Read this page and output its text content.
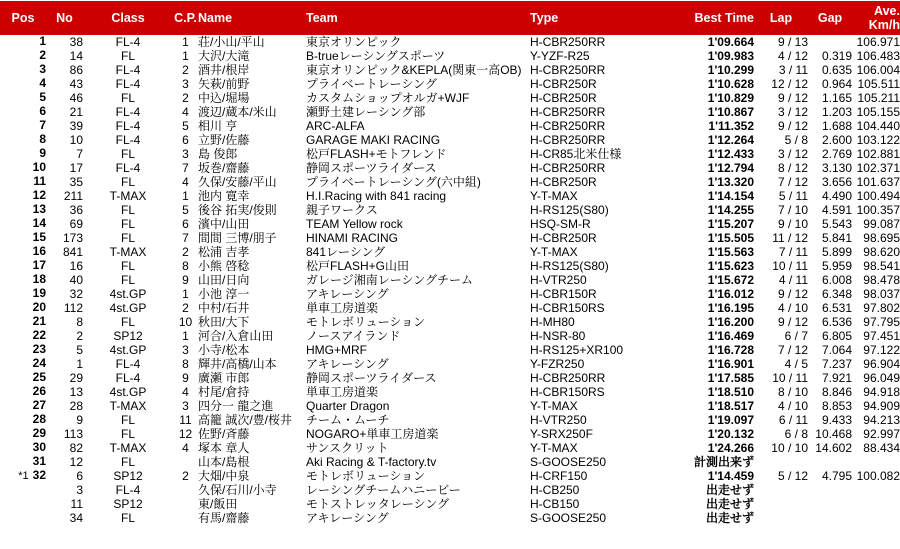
Pos	No	Class	C.P.	Name	Team	Type	Best Time	Lap	Gap	Ave.
Km/h
1	38	FL-4	1	荘/小山/平山	東京オリンピック	H-CBR250RR	1'09.664	9 / 13		106.971
2	14	FL	1	大沢/大滝	B-trueレーシングスポーツ	Y-YZF-R25	1'09.983	4 / 12	0.319	106.483
3	86	FL-4	2	酒井/根岸	東京オリンピック&KEPLA(関東一高OB)	H-CBR250RR	1'10.299	3 / 11	0.635	106.004
4	43	FL-4	3	矢萩/前野	プライベートレーシング	H-CBR250R	1'10.628	12 / 12	0.964	105.511
5	46	FL	2	中込/堀場	カスタムショップオルガ+WJF	H-CBR250R	1'10.829	9 / 12	1.165	105.211
6	21	FL-4	4	渡辺/蔵本/米山	瀬野土建レーシング部	H-CBR250RR	1'10.867	3 / 12	1.203	105.155
7	39	FL-4	5	相川 亨	ARC-ALFA	H-CBR250RR	1'11.352	9 / 12	1.688	104.440
8	10	FL-4	6	立野/佐藤	GARAGE MAKI RACING	H-CBR250RR	1'12.264	5 / 8	2.600	103.122
9	7	FL	3	島 俊郎	松戸FLASH+モトフレンド	H-CR85北米仕様	1'12.433	3 / 12	2.769	102.881
10	17	FL-4	7	坂巻/齋藤	静岡スポーツライダース	H-CBR250RR	1'12.794	8 / 12	3.130	102.371
11	35	FL	4	久保/安藤/平山	プライベートレーシング(六中組)	H-CBR250R	1'13.320	7 / 12	3.656	101.637
12	211	T-MAX	1	池内 寛幸	H.I.Racing with 841 racing	Y-T-MAX	1'14.154	5 / 11	4.490	100.494
13	36	FL	5	後谷 拓実/俊則	親子ワークス	H-RS125(S80)	1'14.255	7 / 10	4.591	100.357
14	69	FL	6	濱中/山田	TEAM Yellow rock	HSQ-SM-R	1'15.207	9 / 10	5.543	99.087
15	173	FL	7	間間 三博/朋子	HINAMI RACING	H-CBR250R	1'15.505	11 / 12	5.841	98.695
16	841	T-MAX	2	松浦 吉孝	841レーシング	Y-T-MAX	1'15.563	7 / 11	5.899	98.620
17	16	FL	8	小熊 啓稔	松戸FLASH+G山田	H-RS125(S80)	1'15.623	10 / 11	5.959	98.541
18	40	FL	9	山田/日向	ガレージ湘南レーシングチーム	H-VTR250	1'15.672	4 / 11	6.008	98.478
19	32	4st.GP	1	小池 淳一	アキレーシング	H-CBR150R	1'16.012	9 / 12	6.348	98.037
20	112	4st.GP	2	中村/石井	単車工房道楽	H-CBR150RS	1'16.195	4 / 10	6.531	97.802
21	8	FL	10	秋田/大下	モトレボリューション	H-MH80	1'16.200	9 / 12	6.536	97.795
22	2	SP12	1	河合/入倉山田	ノースアイランド	H-NSR-80	1'16.469	6 / 7	6.805	97.451
23	5	4st.GP	3	小寺/松本	HMG+MRF	H-RS125+XR100	1'16.728	7 / 12	7.064	97.122
24	1	FL-4	8	輝井/高橋/山本	アキレーシング	Y-FZR250	1'16.901	4 / 5	7.237	96.904
25	29	FL-4	9	廣瀬 市郎	静岡スポーツライダース	H-CBR250RR	1'17.585	10 / 11	7.921	96.049
26	13	4st.GP	4	村尾/倉持	単車工房道楽	H-CBR150RS	1'18.510	8 / 10	8.846	94.918
27	28	T-MAX	3	四分一 龍之進	Quarter Dragon	Y-T-MAX	1'18.517	4 / 10	8.853	94.909
28	9	FL	11	高籠 誠次/豊/桜井	チーム・ムーチ	H-VTR250	1'19.097	6 / 11	9.433	94.213
29	113	FL	12	佐野/斉藤	NOGARO+単車工房道楽	Y-SRX250F	1'20.132	6 / 8	10.468	92.997
30	82	T-MAX	4	塚本 章人	サンスクリット	Y-T-MAX	1'24.266	10 / 10	14.602	88.434
31	12	FL		山本/島根	Aki Racing & T-factory.tv	S-GOOSE250	計測出来ず			
*1 32	6	SP12	2	大畑/中泉	モトレボリューション	H-CRF150	1'14.459	5 / 12	4.795	100.082
	3	FL-4		久保/石川/小寺	レーシングチームハニービー	H-CB250	出走せず			
	11	SP12		東/飯田	モトストレッタレーシング	H-CB150	出走せず			
	34	FL		有馬/齋藤	アキレーシング	S-GOOSE250	出走せず			
